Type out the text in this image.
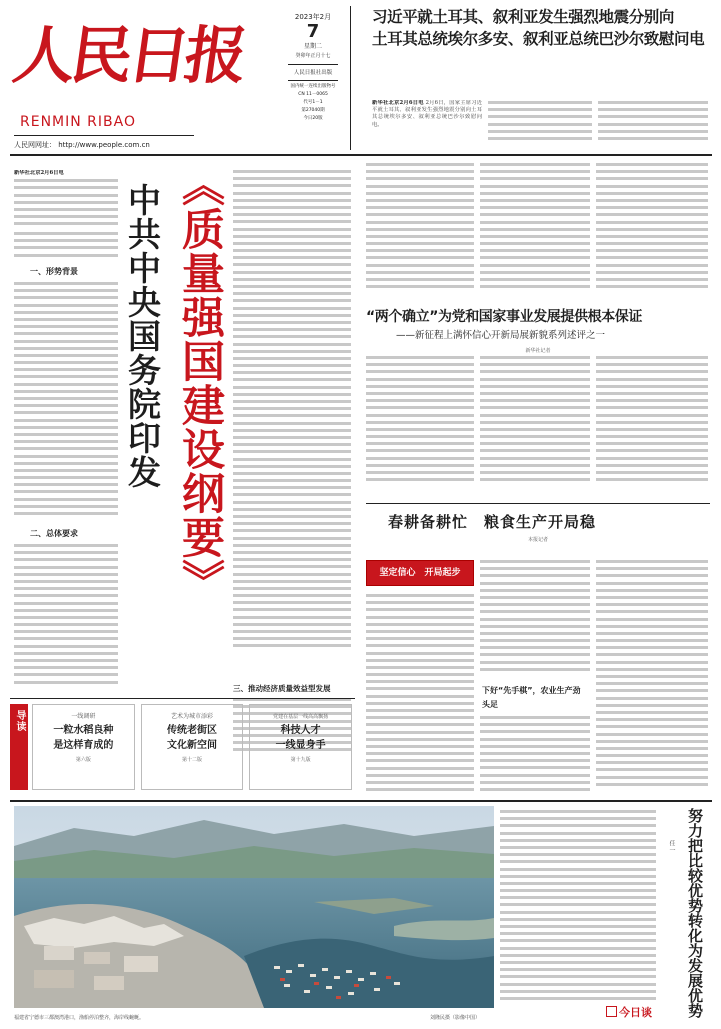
人民日报
RENMIN RIBAO
人民网网址： http://www.people.com.cn
2023年2月
7
星期二
癸卯年正月十七
人民日报社出版
国内统一连续出版物号
CN 11－0065
代号1－1
第27040期
今日20版
习近平就土耳其、叙利亚发生强烈地震分别向
土耳其总统埃尔多安、叙利亚总统巴沙尔致慰问电
新华社北京2月6日电 2月6日，国家主席习近平就土耳其、叙利亚发生强烈地震分别向土耳其总统埃尔多安、叙利亚总统巴沙尔致慰问电。
新华社北京2月6日电
一、形势背景
二、总体要求 《质量强国建设纲要》
中共中央国务院印发
三、推动经济质量效益型发展
“两个确立”为党和国家事业发展提供根本保证
——新征程上满怀信心开新局展新貌系列述评之一
新华社记者
春耕备耕忙　粮食生产开局稳
本报记者
坚定信心　开局起步
下好“先手棋”，农业生产劲头足
导读	一线调研
一粒水稻良种
是这样育成的
第六版
艺术为城市添彩
传统老街区
文化新空间
第十二版
党建在基层一线高高飘扬
科技人才
一线显身手
第十九版
福建省宁德市三都澳湾港口，渔船停泊整齐，海岸线蜿蜒。	刘隆民摄（影像中国）	努力把比较优势转化为发展优势
任一
今日谈
